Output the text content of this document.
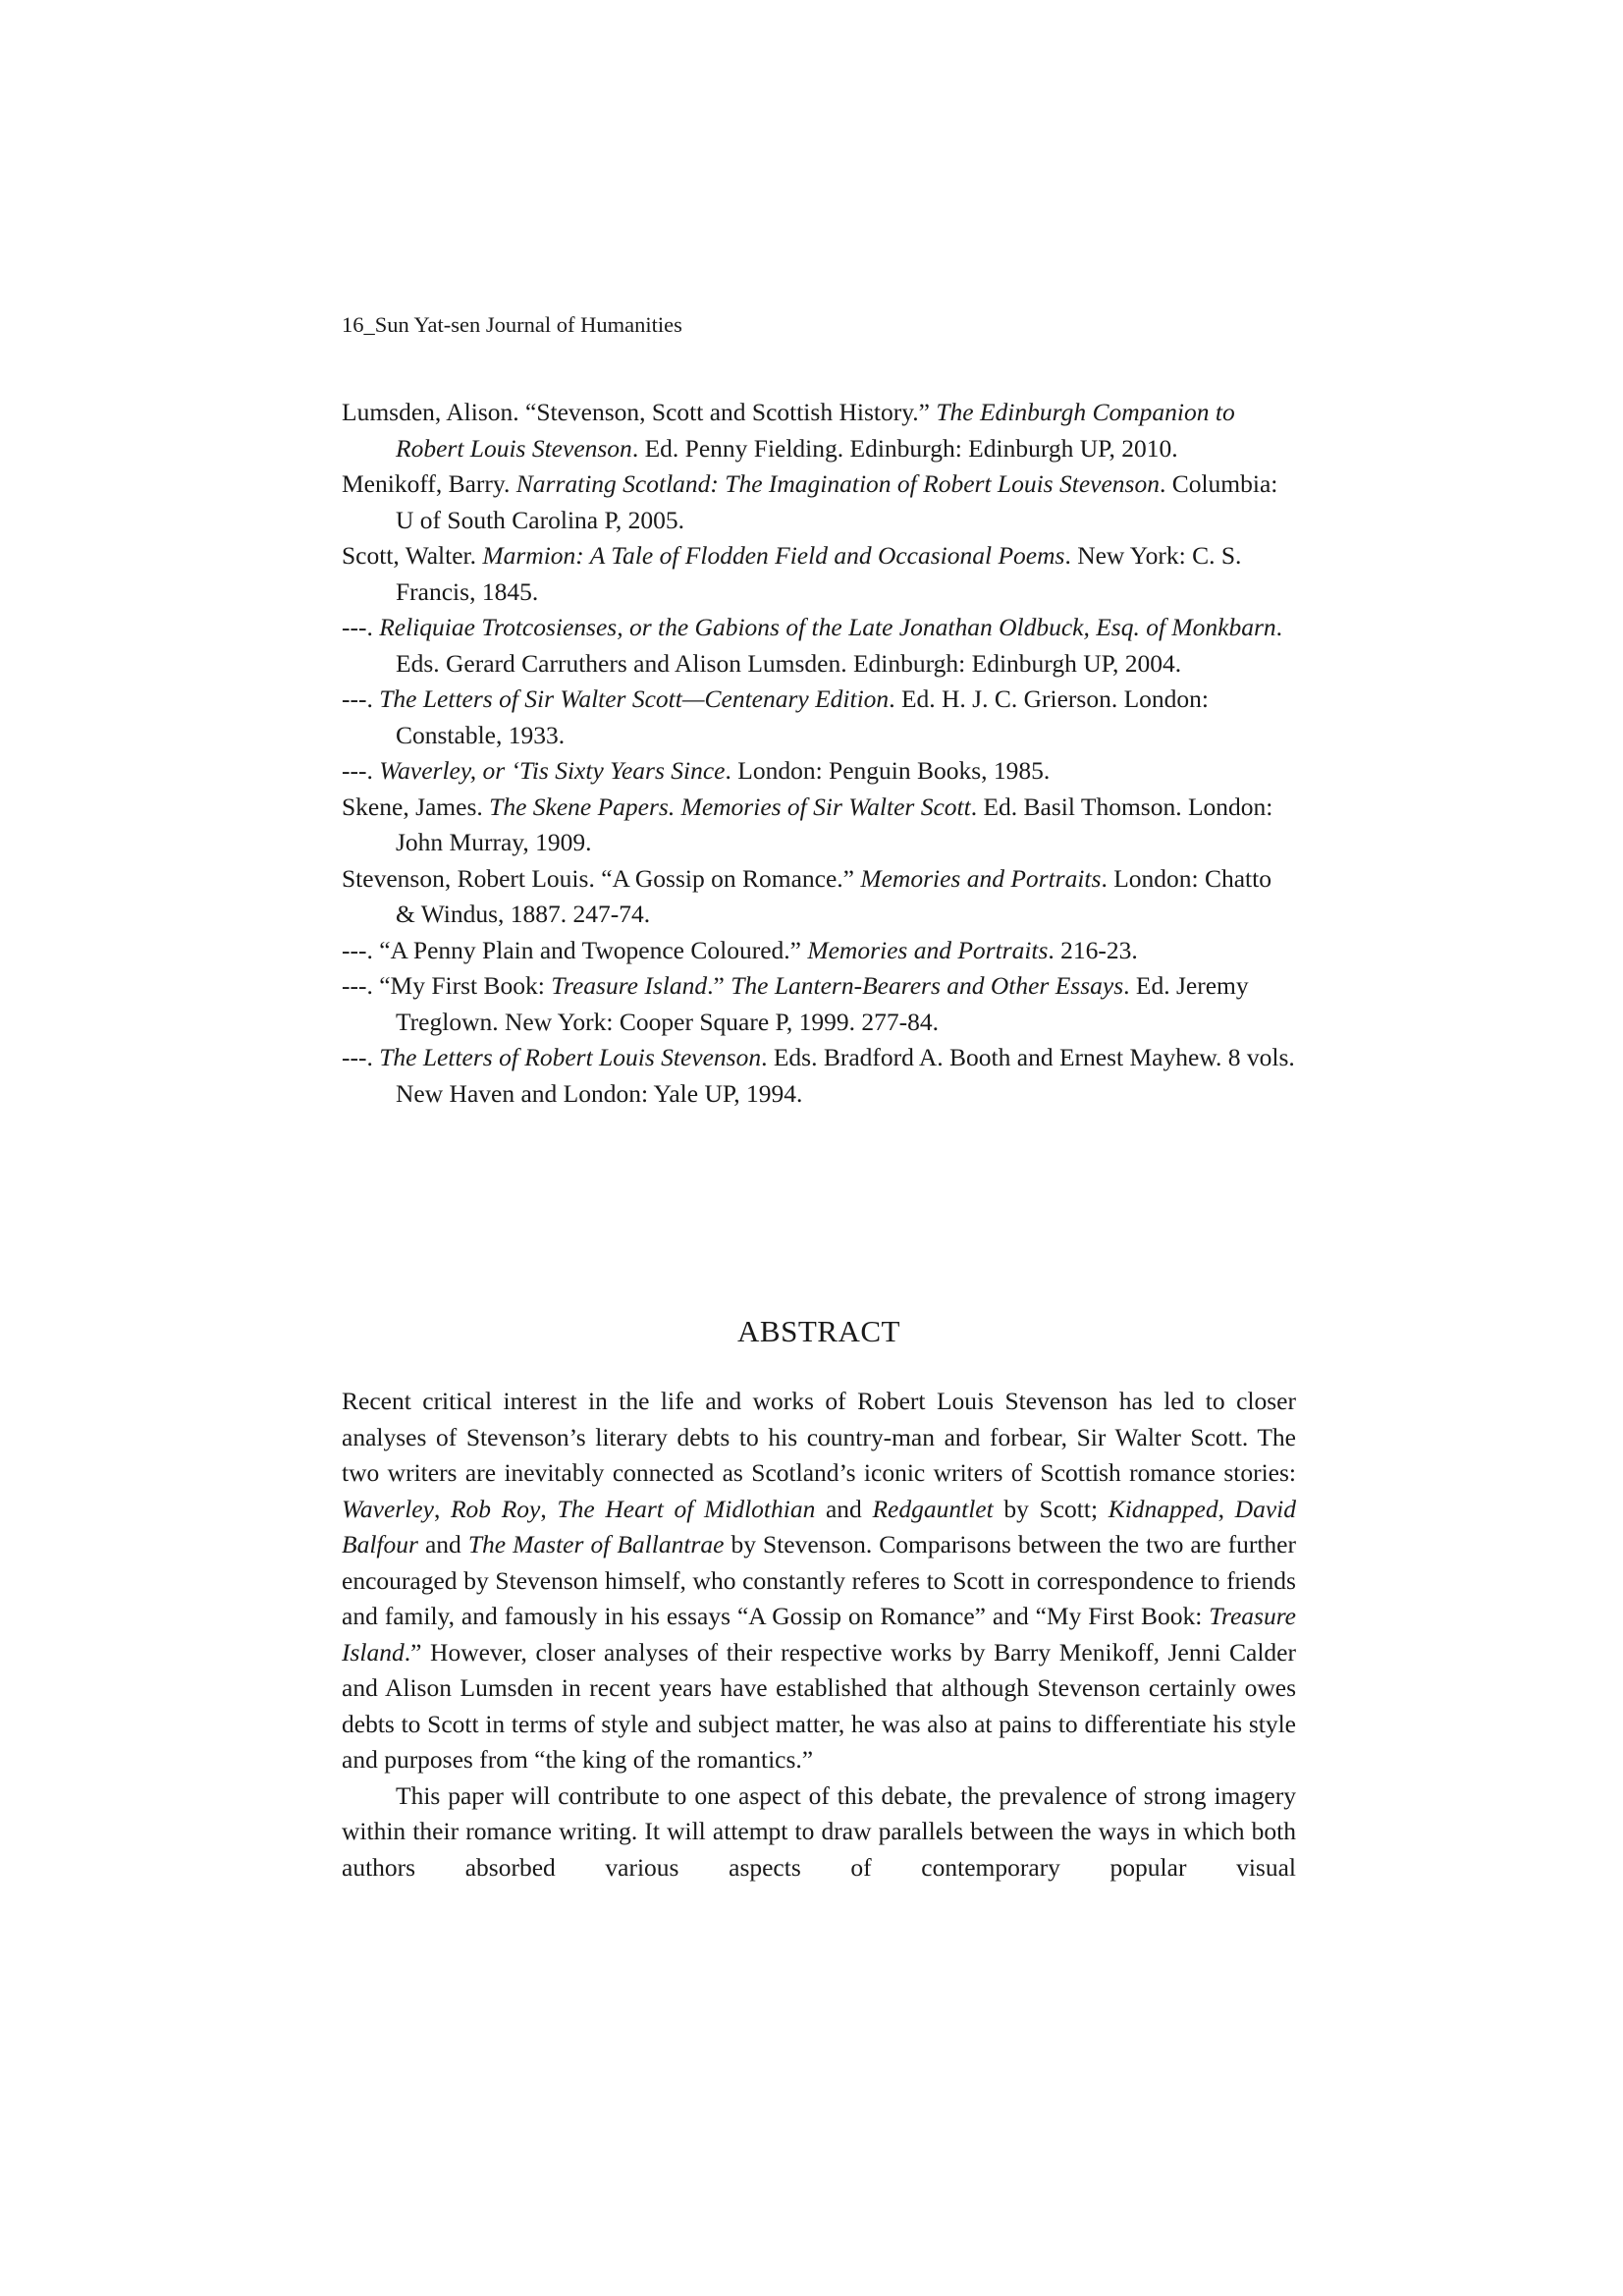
16_Sun Yat-sen Journal of Humanities

Lumsden, Alison. “Stevenson, Scott and Scottish History.” The Edinburgh Companion to Robert Louis Stevenson. Ed. Penny Fielding. Edinburgh: Edinburgh UP, 2010.

Menikoff, Barry. Narrating Scotland: The Imagination of Robert Louis Stevenson. Columbia: U of South Carolina P, 2005.

Scott, Walter. Marmion: A Tale of Flodden Field and Occasional Poems. New York: C. S. Francis, 1845.

---. Reliquiae Trotcosienses, or the Gabions of the Late Jonathan Oldbuck, Esq. of Monkbarn. Eds. Gerard Carruthers and Alison Lumsden. Edinburgh: Edinburgh UP, 2004.

---. The Letters of Sir Walter Scott—Centenary Edition. Ed. H. J. C. Grierson. London: Constable, 1933.

---. Waverley, or ‘Tis Sixty Years Since. London: Penguin Books, 1985.

Skene, James. The Skene Papers. Memories of Sir Walter Scott. Ed. Basil Thomson. London: John Murray, 1909.

Stevenson, Robert Louis. “A Gossip on Romance.” Memories and Portraits. London: Chatto & Windus, 1887. 247-74.

---. “A Penny Plain and Twopence Coloured.” Memories and Portraits. 216-23.

---. “My First Book: Treasure Island.” The Lantern-Bearers and Other Essays. Ed. Jeremy Treglown. New York: Cooper Square P, 1999. 277-84.

---. The Letters of Robert Louis Stevenson. Eds. Bradford A. Booth and Ernest Mayhew. 8 vols. New Haven and London: Yale UP, 1994.

ABSTRACT

Recent critical interest in the life and works of Robert Louis Stevenson has led to closer analyses of Stevenson’s literary debts to his country-man and forbear, Sir Walter Scott. The two writers are inevitably connected as Scotland’s iconic writers of Scottish romance stories: Waverley, Rob Roy, The Heart of Midlothian and Redgauntlet by Scott; Kidnapped, David Balfour and The Master of Ballantrae by Stevenson. Comparisons between the two are further encouraged by Stevenson himself, who constantly referes to Scott in correspondence to friends and family, and famously in his essays “A Gossip on Romance” and “My First Book: Treasure Island.” However, closer analyses of their respective works by Barry Menikoff, Jenni Calder and Alison Lumsden in recent years have established that although Stevenson certainly owes debts to Scott in terms of style and subject matter, he was also at pains to differentiate his style and purposes from “the king of the romantics.”

This paper will contribute to one aspect of this debate, the prevalence of strong imagery within their romance writing. It will attempt to draw parallels between the ways in which both authors absorbed various aspects of contemporary popular visual
